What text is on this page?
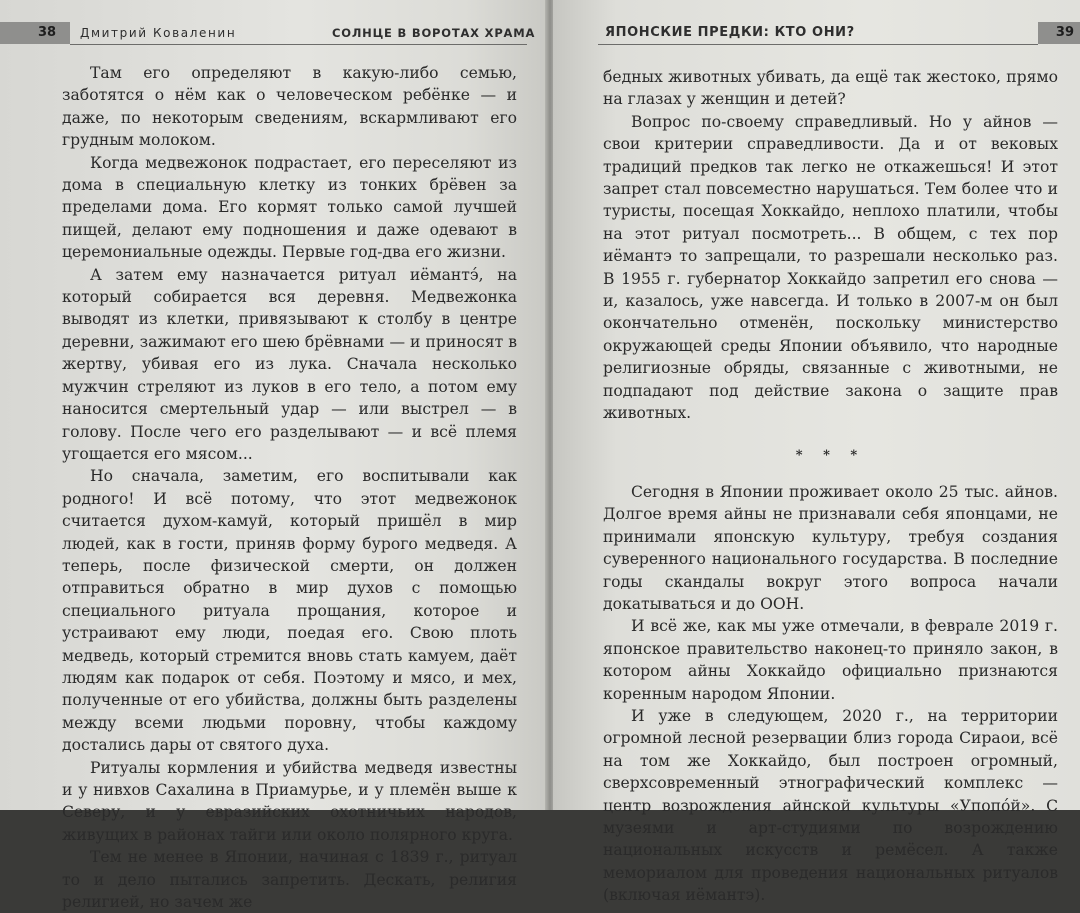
38 Дмитрий Коваленин	СОЛНЦЕ В ВОРОТАХ ХРАМА

Там его определяют в какую-либо семью, заботятся о нём как о человеческом ребёнке — и даже, по некоторым сведениям, вскармливают его грудным молоком.

Когда медвежонок подрастает, его переселяют из дома в специальную клетку из тонких брёвен за пределами дома. Его кормят только самой лучшей пищей, делают ему подношения и даже одевают в церемониальные одежды. Первые год-два его жизни.

А затем ему назначается ритуал иёмантэ́, на который собирается вся деревня. Медвежонка выводят из клетки, привязывают к столбу в центре деревни, зажимают его шею брёвнами — и приносят в жертву, убивая его из лука. Сначала несколько мужчин стреляют из луков в его тело, а потом ему наносится смертельный удар — или выстрел — в голову. После чего его разделывают — и всё племя угощается его мясом...

Но сначала, заметим, его воспитывали как родного! И всё потому, что этот медвежонок считается духом-камуй, который пришёл в мир людей, как в гости, приняв форму бурого медведя. А теперь, после физической смерти, он должен отправиться обратно в мир духов с помощью специального ритуала прощания, которое и устраивают ему люди, поедая его. Свою плоть медведь, который стремится вновь стать камуем, даёт людям как подарок от себя. Поэтому и мясо, и мех, полученные от его убийства, должны быть разделены между всеми людьми поровну, чтобы каждому достались дары от святого духа.

Ритуалы кормления и убийства медведя известны и у нивхов Сахалина в Приамурье, и у племён выше к Северу, и у евразийских охотничьих народов, живущих в районах тайги или около полярного круга.

Тем не менее в Японии, начиная с 1839 г., ритуал то и дело пытались запретить. Дескать, религия религией, но зачем же

39
ЯПОНСКИЕ ПРЕДКИ: КТО ОНИ?

бедных животных убивать, да ещё так жестоко, прямо на глазах у женщин и детей?

Вопрос по-своему справедливый. Но у айнов — свои критерии справедливости. Да и от вековых традиций предков так легко не откажешься! И этот запрет стал повсеместно нарушаться. Тем более что и туристы, посещая Хоккайдо, неплохо платили, чтобы на этот ритуал посмотреть... В общем, с тех пор иёмантэ то запрещали, то разрешали несколько раз. В 1955 г. губернатор Хоккайдо запретил его снова — и, казалось, уже навсегда. И только в 2007-м он был окончательно отменён, поскольку министерство окружающей среды Японии объявило, что народные религиозные обряды, связанные с животными, не подпадают под действие закона о защите прав животных.

* * *

Сегодня в Японии проживает около 25 тыс. айнов. Долгое время айны не признавали себя японцами, не принимали японскую культуру, требуя создания суверенного национального государства. В последние годы скандалы вокруг этого вопроса начали докатываться и до ООН.

И всё же, как мы уже отмечали, в феврале 2019 г. японское правительство наконец-то приняло закон, в котором айны Хоккайдо официально признаются коренным народом Японии.

И уже в следующем, 2020 г., на территории огромной лесной резервации близ города Сираои, всё на том же Хоккайдо, был построен огромный, сверхсовременный этнографический комплекс — центр возрождения айнской культуры «Упопо́й». С музеями и арт-студиями по возрождению национальных искусств и ремёсел. А также мемориалом для проведения национальных ритуалов (включая иёмантэ).
